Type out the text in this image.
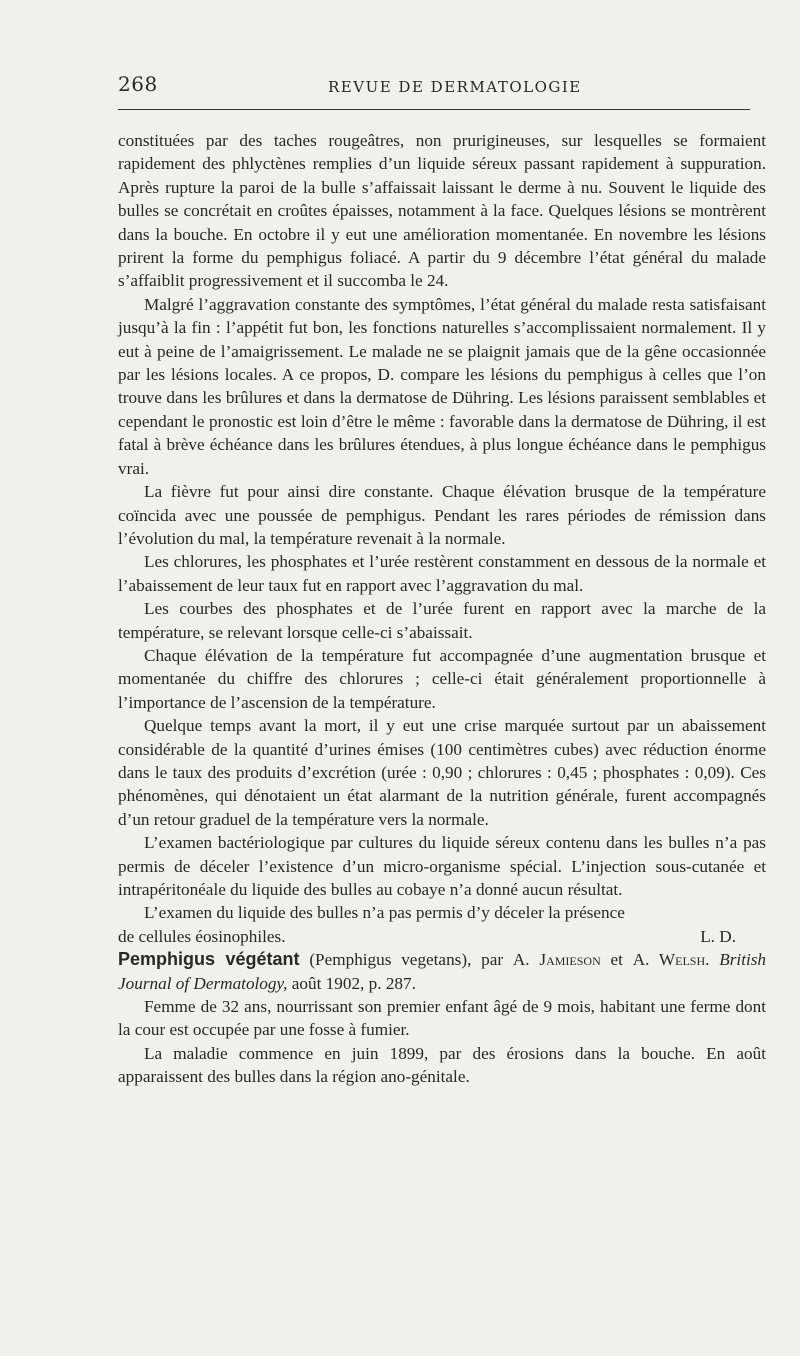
268	REVUE DE DERMATOLOGIE

constituées par des taches rougeâtres, non prurigineuses, sur lesquelles se formaient rapidement des phlyctènes remplies d’un liquide séreux passant rapidement à suppuration. Après rupture la paroi de la bulle s’affaissait laissant le derme à nu. Souvent le liquide des bulles se concrétait en croûtes épaisses, notamment à la face. Quelques lésions se montrèrent dans la bouche. En octobre il y eut une amélioration momentanée. En novembre les lésions prirent la forme du pemphigus foliacé. A partir du 9 décembre l’état général du malade s’affaiblit progressivement et il succomba le 24.

Malgré l’aggravation constante des symptômes, l’état général du malade resta satisfaisant jusqu’à la fin : l’appétit fut bon, les fonctions naturelles s’accomplissaient normalement. Il y eut à peine de l’amaigrissement. Le malade ne se plaignit jamais que de la gêne occasionnée par les lésions locales. A ce propos, D. compare les lésions du pemphigus à celles que l’on trouve dans les brûlures et dans la dermatose de Dühring. Les lésions paraissent semblables et cependant le pronostic est loin d’être le même : favorable dans la dermatose de Dühring, il est fatal à brève échéance dans les brûlures étendues, à plus longue échéance dans le pemphigus vrai.

La fièvre fut pour ainsi dire constante. Chaque élévation brusque de la température coïncida avec une poussée de pemphigus. Pendant les rares périodes de rémission dans l’évolution du mal, la température revenait à la normale.

Les chlorures, les phosphates et l’urée restèrent constamment en dessous de la normale et l’abaissement de leur taux fut en rapport avec l’aggravation du mal.

Les courbes des phosphates et de l’urée furent en rapport avec la marche de la température, se relevant lorsque celle-ci s’abaissait.

Chaque élévation de la température fut accompagnée d’une augmentation brusque et momentanée du chiffre des chlorures ; celle-ci était généralement proportionnelle à l’importance de l’ascension de la température.

Quelque temps avant la mort, il y eut une crise marquée surtout par un abaissement considérable de la quantité d’urines émises (100 centimètres cubes) avec réduction énorme dans le taux des produits d’excrétion (urée : 0,90 ; chlorures : 0,45 ; phosphates : 0,09). Ces phénomènes, qui dénotaient un état alarmant de la nutrition générale, furent accompagnés d’un retour graduel de la température vers la normale.

L’examen bactériologique par cultures du liquide séreux contenu dans les bulles n’a pas permis de déceler l’existence d’un micro-organisme spécial. L’injection sous-cutanée et intrapéritonéale du liquide des bulles au cobaye n’a donné aucun résultat.

L’examen du liquide des bulles n’a pas permis d’y déceler la présence

de cellules éosinophiles.	L. D.

Pemphigus végétant (Pemphigus vegetans), par A. Jamieson et A. Welsh. British Journal of Dermatology, août 1902, p. 287.

Femme de 32 ans, nourrissant son premier enfant âgé de 9 mois, habitant une ferme dont la cour est occupée par une fosse à fumier.

La maladie commence en juin 1899, par des érosions dans la bouche. En août apparaissent des bulles dans la région ano-génitale.
